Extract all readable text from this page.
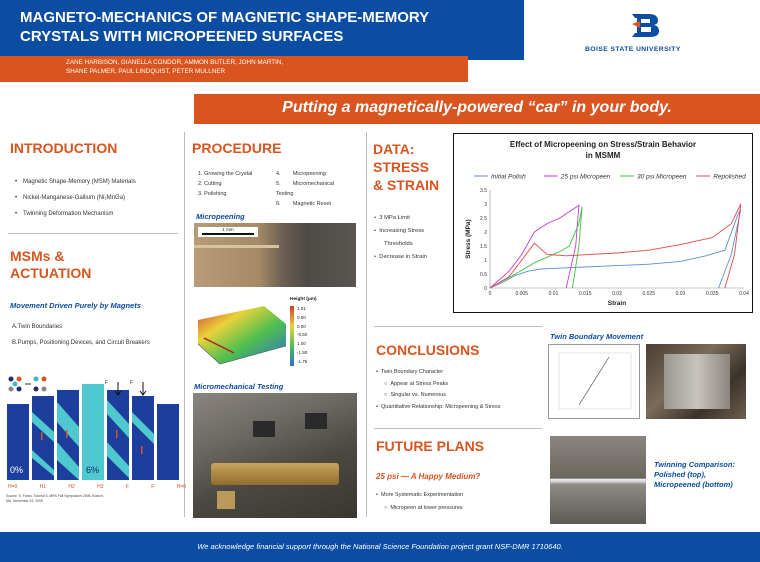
MAGNETO-MECHANICS OF MAGNETIC SHAPE-MEMORY
CRYSTALS WITH MICROPEENED SURFACES
ZANE HARBISON, GIANELLA CONDOR, AMMON BUTLER, JOHN MARTIN,
SHANE PALMER, PAUL LINDQUIST, PETER MULLNER
BOISE STATE UNIVERSITY
Putting a magnetically-powered “car” in your body.
INTRODUCTION
• Magnetic Shape-Memory (MSM) Materials
• Nickel-Manganese-Gallium (Ni₂MnGa)
• Twinning Deformation Mechanism
MSMs &
ACTUATION
Movement Driven Purely by Magnets
A.Twin Boundaries
B.Pumps, Positioning Devices, and Circuit Breakers
0%	6%
F	F
H=0	H1	H2	H3	F	F	H=0
Source: S. Faran, Tutorial II, MRS Fall Symposium 2005, Boston, MA, November 29, 2005
PROCEDURE
1. Growing the Crystal
2. Cutting
3. Polishing
4. Micropeening
5. Micromechanical
Testing
6. Magnetic Reset
Micropeening
1 mm
Height (μm)
1.01
0.50
0.00
-0.50
1.00
-1.50
-1.75
Micromechanical Testing
DATA:
STRESS
& STRAIN
•  3 MPa Limit
•  Increasing Stress
Thresholds
•  Decrease in Strain
Effect of Micropeening on Stress/Strain Behavior
in MSMM
Initial Polish	25 psi Micropeen	30 psi Micropeen	Repolished
0	0.005	0.01	0.015	0.02	0.025	0.03	0.035	0.04
0
0.5
1
1.5
2
2.5
3
3.5
Strain
Stress (MPa)
CONCLUSIONS
•  Twin Boundary Character
○  Appear at Stress Peaks
○  Singular vs. Numerous
•  Quantitative Relationship: Micropeening & Stress
FUTURE PLANS
25 psi — A Happy Medium?
•  More Systematic Experimentation
○  Micropeen at lower pressures
Twin Boundary Movement
Twinning Comparison:
Polished (top),
Micropeened (bottom)
We acknowledge financial support through the National Science Foundation project grant NSF-DMR 1710640.
